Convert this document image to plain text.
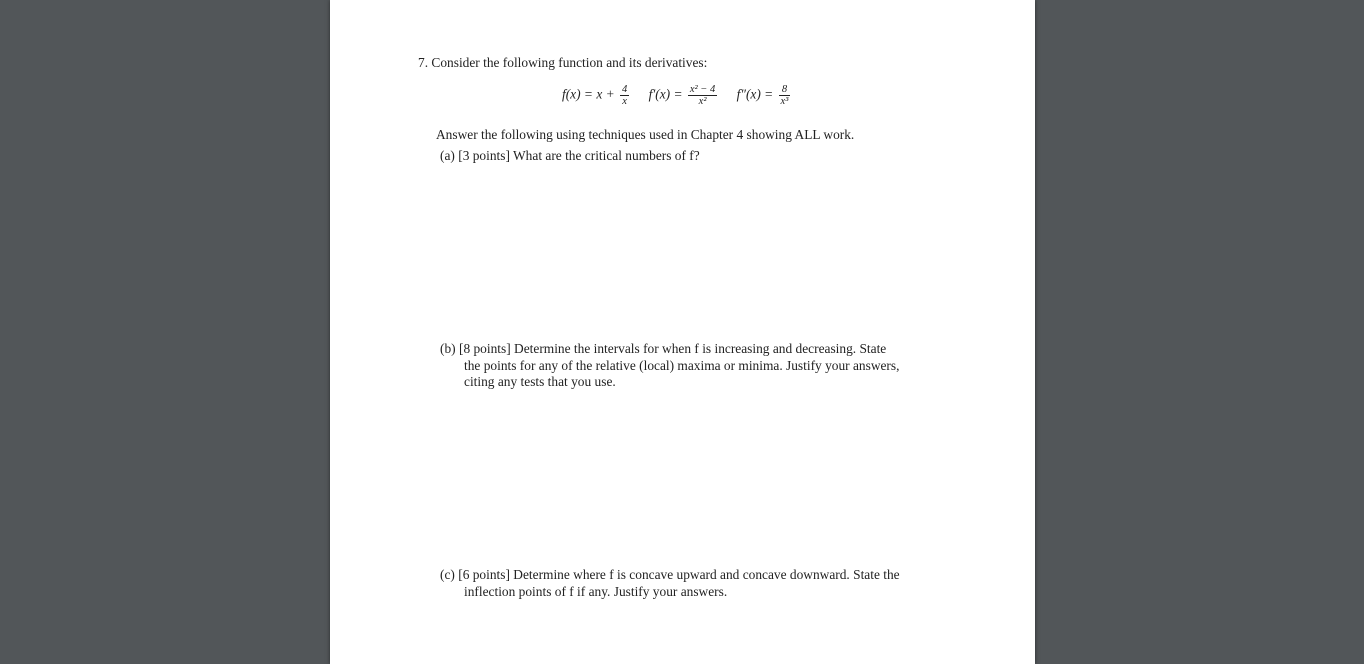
7. Consider the following function and its derivatives:
$f(x) = x + \frac{4}{x} f'(x) = \frac{\text{x² − 4}}{\text{x²}} f''(x) = \frac{8}{\text{x³}}$
Answer the following using techniques used in Chapter 4 showing ALL work.
(a) [3 points] What are the critical numbers of f?
(b) [8 points] Determine the intervals for when f is increasing and decreasing. State
the points for any of the relative (local) maxima or minima. Justify your answers,
citing any tests that you use.
(c) [6 points] Determine where f is concave upward and concave downward. State the
inflection points of f if any. Justify your answers.
